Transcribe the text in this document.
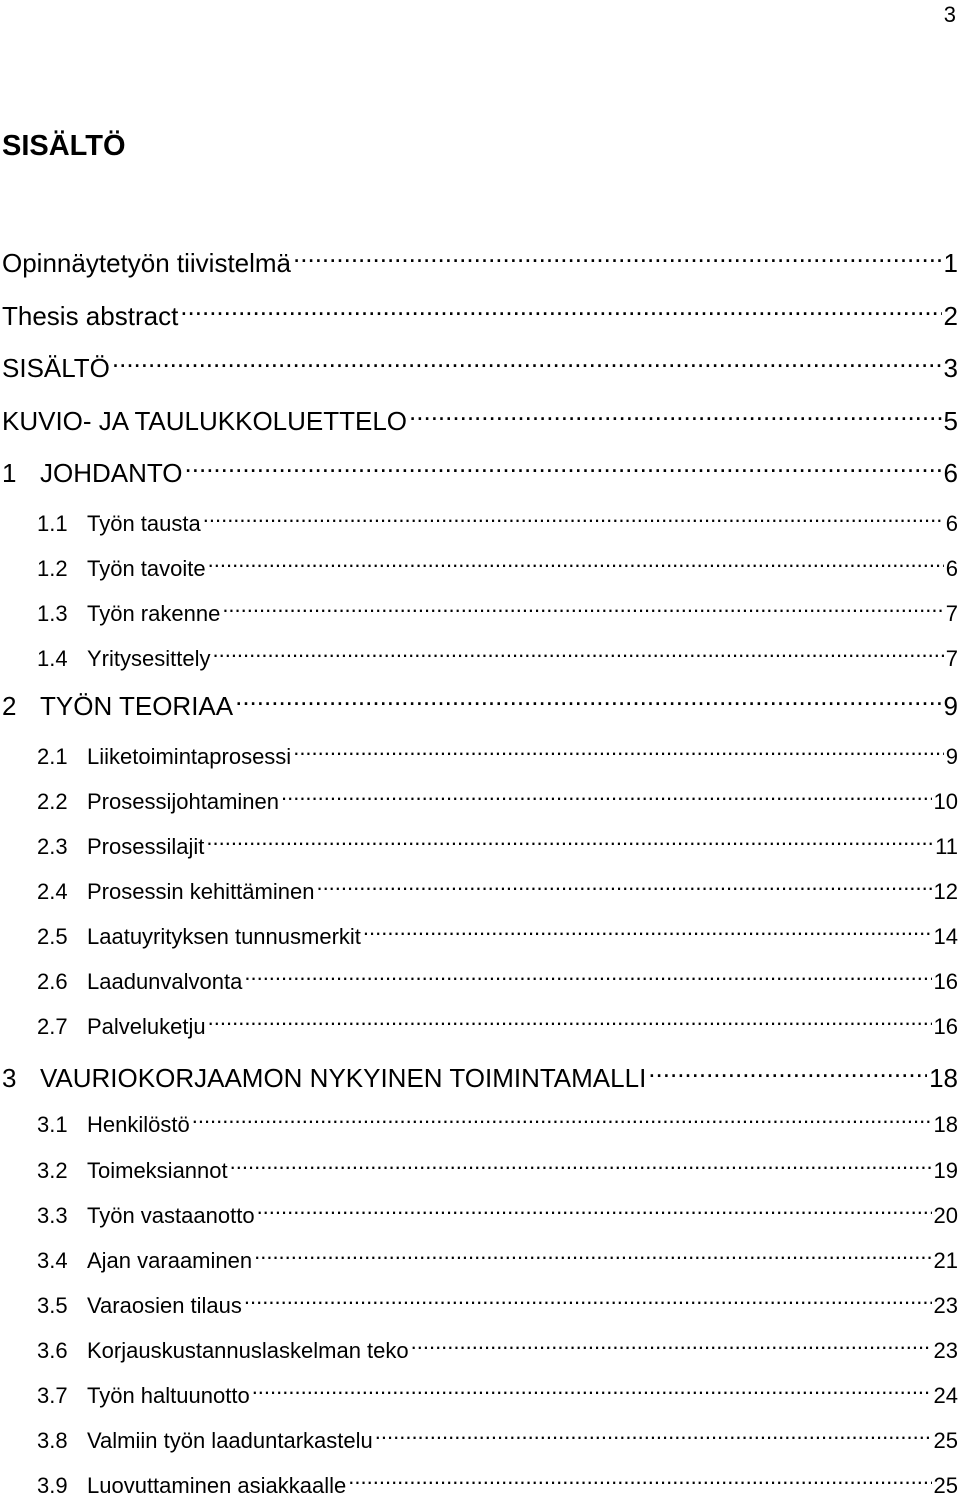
3
SISÄLTÖ
Opinnäytetyön tiivistelmä .....	1
Thesis abstract .....	2
SISÄLTÖ .....	3
KUVIO- JA TAULUKKOLUETTELO .....	5
1 JOHDANTO .....	6
1.1 Työn tausta .....	6
1.2 Työn tavoite .....	6
1.3 Työn rakenne .....	7
1.4 Yritysesittely .....	7
2 TYÖN TEORIAA .....	9
2.1 Liiketoimintaprosessi .....	9
2.2 Prosessijohtaminen .....	10
2.3 Prosessilajit .....	11
2.4 Prosessin kehittäminen .....	12
2.5 Laatuyrityksen tunnusmerkit .....	14
2.6 Laadunvalvonta .....	16
2.7 Palveluketju .....	16
3 VAURIOKORJAAMON NYKYINEN TOIMINTAMALLI .....	18
3.1 Henkilöstö .....	18
3.2 Toimeksiannot .....	19
3.3 Työn vastaanotto .....	20
3.4 Ajan varaaminen .....	21
3.5 Varaosien tilaus .....	23
3.6 Korjauskustannuslaskelman teko .....	23
3.7 Työn haltuunotto .....	24
3.8 Valmiin työn laaduntarkastelu .....	25
3.9 Luovuttaminen asiakkaalle .....	25
